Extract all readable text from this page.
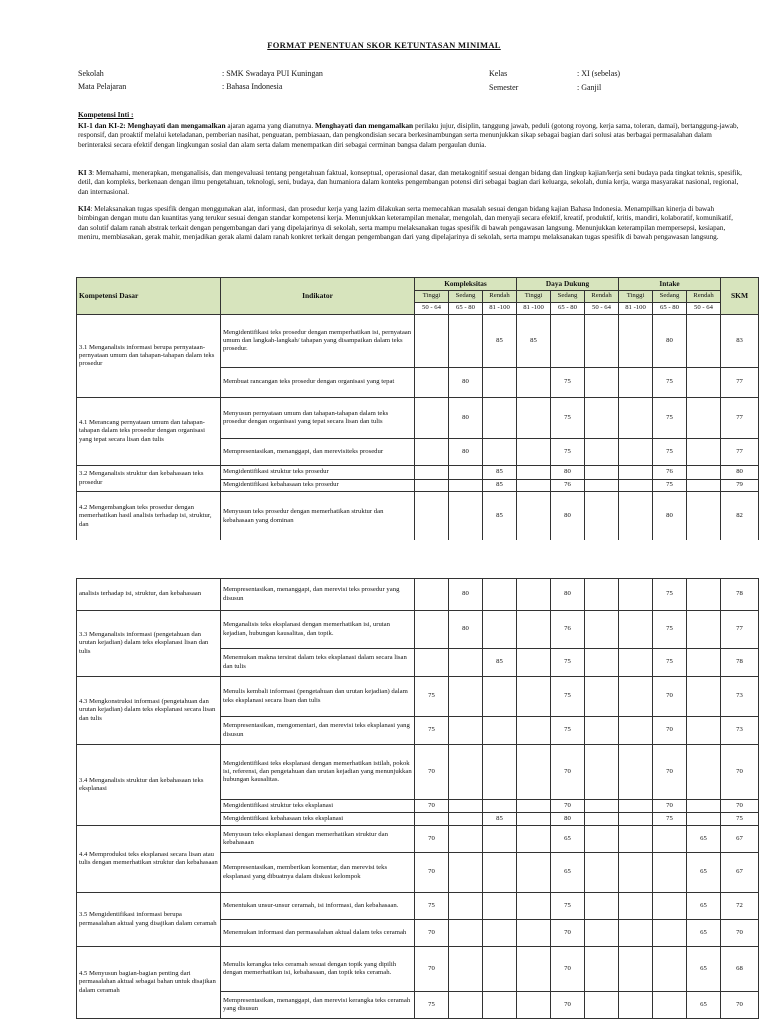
FORMAT PENENTUAN SKOR KETUNTASAN MINIMAL
Sekolah	: SMK Swadaya PUI Kuningan	Kelas	: XI (sebelas)
Mata Pelajaran	: Bahasa Indonesia	Semester	: Ganjil
Kompetensi Inti :
KI-1 dan KI-2: Menghayati dan mengamalkan ajaran agama yang dianutnya. Menghayati dan mengamalkan perilaku jujur, disiplin, tanggung jawab, peduli (gotong royong, kerja sama, toleran, damai), bertanggung-jawab, responsif, dan proaktif melalui keteladanan, pemberian nasihat, penguatan, pembiasaan, dan pengkondisian secara berkesinambungan serta menunjukkan sikap sebagai bagian dari solusi atas berbagai permasalahan dalam berinteraksi secara efektif dengan lingkungan sosial dan alam serta dalam menempatkan diri sebagai cerminan bangsa dalam pergaulan dunia.
KI 3: Memahami, menerapkan, menganalisis, dan mengevaluasi tentang pengetahuan faktual, konseptual, operasional dasar, dan metakognitif sesuai dengan bidang dan lingkup kajian/kerja seni budaya pada tingkat teknis, spesifik, detil, dan kompleks, berkenaan dengan ilmu pengetahuan, teknologi, seni, budaya, dan humaniora dalam konteks pengembangan potensi diri sebagai bagian dari keluarga, sekolah, dunia kerja, warga masyarakat nasional, regional, dan internasional.
KI4: Melaksanakan tugas spesifik dengan menggunakan alat, informasi, dan prosedur kerja yang lazim dilakukan serta memecahkan masalah sesuai dengan bidang kajian Bahasa Indonesia. Menampilkan kinerja di bawah bimbingan dengan mutu dan kuantitas yang terukur sesuai dengan standar kompetensi kerja. Menunjukkan keterampilan menalar, mengolah, dan menyaji secara efektif, kreatif, produktif, kritis, mandiri, kolaboratif, komunikatif, dan solutif dalam ranah abstrak terkait dengan pengembangan dari yang dipelajarinya di sekolah, serta mampu melaksanakan tugas spesifik di bawah pengawasan langsung. Menunjukkan keterampilan mempersepsi, kesiapan, meniru, membiasakan, gerak mahir, menjadikan gerak alami dalam ranah konkret terkait dengan pengembangan dari yang dipelajarinya di sekolah, serta mampu melaksanakan tugas spesifik di bawah pengawasan langsung.
Kompetensi Dasar	Indikator	Kompleksitas			Daya Dukung			Intake			SKM
		Tinggi	Sedang	Rendah	Tinggi	Sedang	Rendah	Tinggi	Sedang	Rendah	
		50 - 64	65 - 80	81 -100	81 -100	65 - 80	50 - 64	81 -100	65 - 80	50 - 64	
3.1 Menganalisis informasi berupa pernyataan-pernyataan umum dan tahapan-tahapan dalam teks prosedur	Mengidentifikasi teks prosedur dengan memperhatikan isi, pernyataan umum dan langkah-langkah/ tahapan yang disampaikan dalam teks prosedur.			85	85				80		83
	Membuat rancangan teks prosedur dengan organisasi yang tepat		80			75			75		77
4.1 Merancang pernyataan umum dan tahapan-tahapan dalam teks prosedur dengan organisasi yang tepat secara lisan dan tulis	Menyusun pernyataan umum dan tahapan-tahapan dalam teks prosedur dengan organisasi yang tepat secara lisan dan tulis		80			75			75		77
	Mempresentasikan, menanggapi, dan merevisiteks prosedur		80			75			75		77
3.2 Menganalisis struktur dan kebahasaan teks prosedur	Mengidentifikasi struktur teks prosedur			85		80			76		80
	Mengidentifikasi kebahasaan teks prosedur			85		76			75		79
4.2 Mengembangkan teks prosedur dengan memerhatikan hasil analisis terhadap isi, struktur, dan	Menyusun teks prosedur dengan memerhatikan struktur dan kebahasaan yang dominan			85		80			80		82
analisis terhadap isi, struktur, dan kebahasaan	Mempresentasikan, menanggapi, dan merevisi teks prosedur yang disusun		80			80			75		78
3.3 Menganalisis informasi (pengetahuan dan urutan kejadian) dalam teks eksplanasi lisan dan tulis	Menganalisis teks eksplanasi dengan memerhatikan isi, urutan kejadian, hubungan kausalitas, dan topik.		80			76			75		77
	Menemukan makna tersirat dalam teks eksplanasi dalam secara lisan dan tulis			85		75			75		78
4.3 Mengkonstruksi informasi (pengetahuan dan urutan kejadian) dalam teks eksplanasi secara lisan dan tulis	Menulis kembali informasi (pengetahuan dan urutan kejadian) dalam teks eksplanasi secara lisan dan tulis	75				75			70		73
	Mempresentasikan, mengomentari, dan merevisi teks eksplanasi yang disusun	75				75			70		73
3.4 Menganalisis struktur dan kebahasaan teks eksplanasi	Mengidentifikasi teks eksplanasi dengan memerhatikan istilah, pokok isi, referensi, dan pengetahuan dan urutan kejadian yang menunjukkan hubungan kausalitas.	70				70			70		70
	Mengidentifikasi struktur teks eksplanasi	70				70			70		70
	Mengidentifikasi kebahasaan teks eksplanasi			85		80			75		75
4.4 Memproduksi teks eksplanasi secara lisan atau tulis dengan memerhatikan struktur dan kebahasaan	Menyusun teks eksplanasi dengan memerhatikan struktur dan kebahasaan	70				65				65	67
	Mempresentasikan, memberikan komentar, dan merevisi teks eksplanasi yang dibuatnya dalam diskusi kelompok	70				65				65	67
3.5 Mengidentifikasi informasi berupa permasalahan aktual yang disajikan dalam ceramah	Menentukan unsur-unsur ceramah, isi informasi, dan kebahasaan.	75				75				65	72
	Menemukan informasi dan permasalahan aktual dalam teks ceramah	70				70				65	70
4.5 Menyusun bagian-bagian penting dari permasalahan aktual sebagai bahan untuk disajikan dalam ceramah	Menulis kerangka teks ceramah sesuai dengan topik yang dipilih dengan memerhatikan isi, kebahasaan, dan topik teks ceramah.	70				70				65	68
	Mempresentasikan, menanggapi, dan merevisi kerangka teks ceramah yang disusun	75				70				65	70
